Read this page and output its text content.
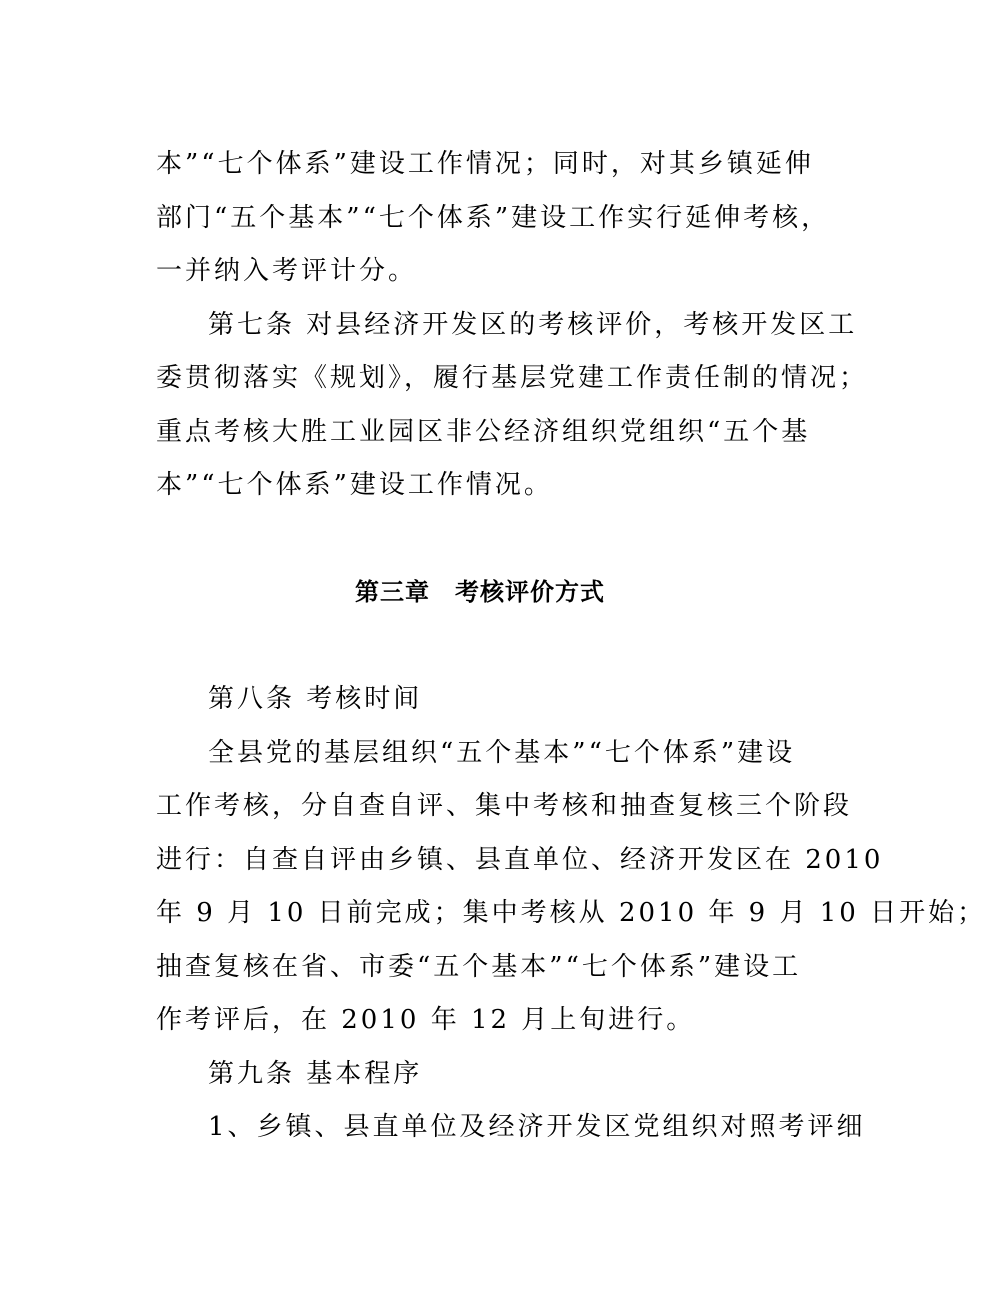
本”“七个体系”建设工作情况；同时，对其乡镇延伸
部门“五个基本”“七个体系”建设工作实行延伸考核，
一并纳入考评计分。
第七条 对县经济开发区的考核评价，考核开发区工
委贯彻落实《规划》，履行基层党建工作责任制的情况；
重点考核大胜工业园区非公经济组织党组织“五个基
本”“七个体系”建设工作情况。
第三章　考核评价方式
第八条 考核时间
全县党的基层组织“五个基本”“七个体系”建设
工作考核，分自查自评、集中考核和抽查复核三个阶段
进行：自查自评由乡镇、县直单位、经济开发区在 2010
年 9 月 10 日前完成；集中考核从 2010 年 9 月 10 日开始；
抽查复核在省、市委“五个基本”“七个体系”建设工
作考评后，在 2010 年 12 月上旬进行。
第九条 基本程序
1、乡镇、县直单位及经济开发区党组织对照考评细
